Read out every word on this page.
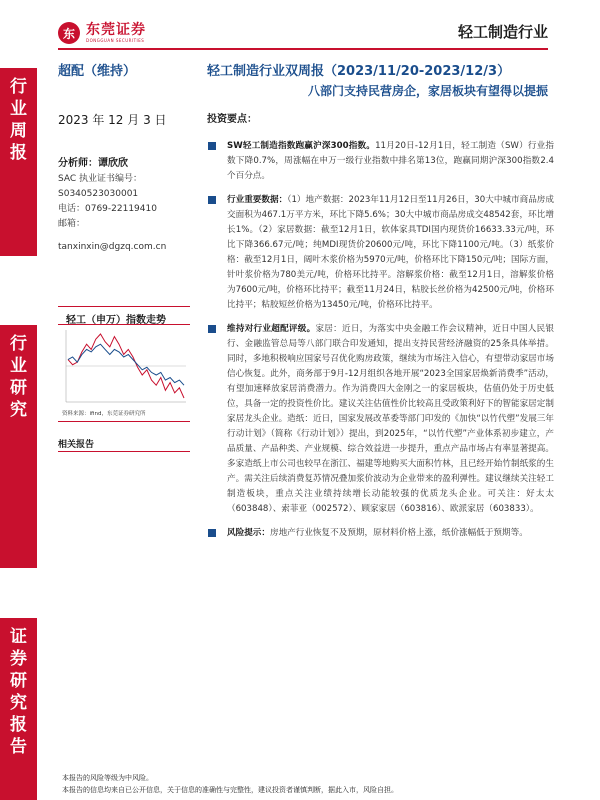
东 东莞证券
DONGGUAN SECURITIES	轻工制造行业
行业周报
行业研究
证券研究报告
超配（维持）	轻工制造行业双周报（2023/11/20-2023/12/3）
八部门支持民营房企，家居板块有望得以提振
2023 年 12 月 3 日
分析师：谭欣欣
SAC 执业证书编号：
S0340523030001
电话：0769-22119410
邮箱：
tanxinxin@dgzq.com.cn
轻工（申万）指数走势
资料来源：ifind，东莞证券研究所
相关报告
投资要点：
SW轻工制造指数跑赢沪深300指数。11月20日-12月1日，轻工制造（SW）行业指数下降0.7%，周涨幅在申万一级行业指数中排名第13位，跑赢同期沪深300指数2.4个百分点。
行业重要数据：（1）地产数据：2023年11月12日至11月26日，30大中城市商品房成交面积为467.1万平方米，环比下降5.6%；30大中城市商品房成交48542套，环比增长1%。（2）家居数据：截至12月1日，软体家具TDI国内现货价16633.33元/吨，环比下降366.67元/吨；纯MDI现货价20600元/吨，环比下降1100元/吨。（3）纸浆价格：截至12月1日，阔叶木浆价格为5970元/吨，价格环比下降150元/吨；国际方面，针叶浆价格为780美元/吨，价格环比持平。溶解浆价格：截至12月1日，溶解浆价格为7600元/吨，价格环比持平；截至11月24日，粘胶长丝价格为42500元/吨，价格环比持平；粘胶短丝价格为13450元/吨，价格环比持平。
维持对行业超配评级。家居：近日，为落实中央金融工作会议精神，近日中国人民银行、金融监管总局等八部门联合印发通知，提出支持民营经济融资的25条具体举措。同时，多地积极响应国家号召优化购房政策，继续为市场注入信心，有望带动家居市场信心恢复。此外，商务部于9月-12月组织各地开展“2023全国家居焕新消费季”活动，有望加速释放家居消费潜力。作为消费四大金刚之一的家居板块，估值仍处于历史低位，具备一定的投资性价比。建议关注估值性价比较高且受政策利好下的智能家居定制家居龙头企业。造纸：近日，国家发展改革委等部门印发的《加快“以竹代塑”发展三年行动计划》（简称《行动计划》）提出，到2025年，“以竹代塑”产业体系初步建立，产品质量、产品种类、产业规模、综合效益进一步提升，重点产品市场占有率显著提高。多家造纸上市公司也较早在浙江、福建等地购买大面积竹林，且已经开始竹制纸浆的生产。需关注后续消费复苏情况叠加浆价波动为企业带来的盈利弹性。建议继续关注轻工制造板块，重点关注业绩持续增长动能较强的优质龙头企业。可关注：好太太（603848）、索菲亚（002572）、顾家家居（603816）、欧派家居（603833）。
风险提示：房地产行业恢复不及预期，原材料价格上涨，纸价涨幅低于预期等。
本报告的风险等级为中风险。
本报告的信息均来自已公开信息，关于信息的准确性与完整性，建议投资者谨慎判断，据此入市，风险自担。
